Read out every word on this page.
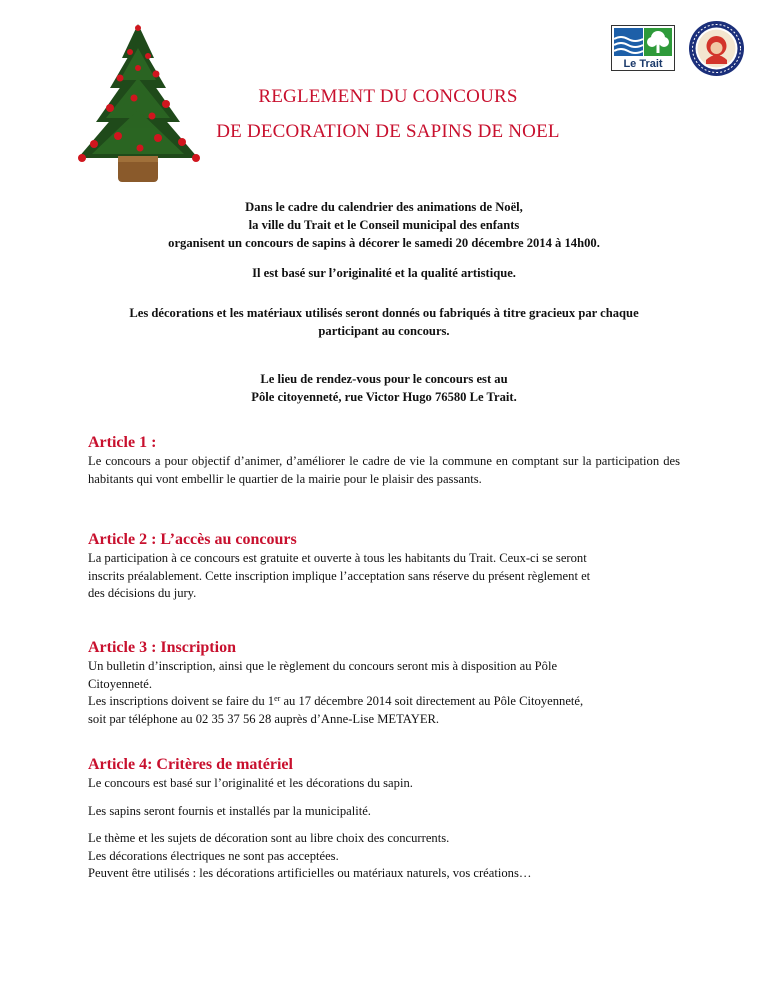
Le Trait
REGLEMENT DU CONCOURS
DE DECORATION DE SAPINS DE NOEL

Dans le cadre du calendrier des animations de Noël,

la ville du Trait et le Conseil municipal des enfants

organisent un concours de sapins à décorer le samedi 20 décembre 2014 à 14h00.

Il est basé sur l’originalité et la qualité artistique.

Les décorations et les matériaux utilisés seront donnés ou fabriqués à titre gracieux par chaque

participant au concours.

Le lieu de rendez-vous pour le concours est au

Pôle citoyenneté, rue Victor Hugo 76580 Le Trait.

Article 1 :

Le concours a pour objectif d’animer, d’améliorer le cadre de vie la commune en comptant sur la participation des habitants qui vont embellir le quartier de la mairie pour le plaisir des passants.

Article 2 : L’accès au concours

La participation à ce concours est gratuite et ouverte à tous les habitants du Trait. Ceux-ci se seront

inscrits préalablement. Cette inscription implique l’acceptation sans réserve du présent règlement et

des décisions du jury.

Article 3 : Inscription

Un bulletin d’inscription, ainsi que le règlement du concours seront mis à disposition au Pôle

Citoyenneté.

Les inscriptions doivent se faire du 1er au 17 décembre 2014 soit directement au Pôle Citoyenneté,

soit par téléphone au 02 35 37 56 28 auprès d’Anne-Lise METAYER.

Article 4: Critères de matériel

Le concours est basé sur l’originalité et les décorations du sapin.

Les sapins seront fournis et installés par la municipalité.

Le thème et les sujets de décoration sont au libre choix des concurrents.

Les décorations électriques ne sont pas acceptées.

Peuvent être utilisés : les décorations artificielles ou matériaux naturels, vos créations…
